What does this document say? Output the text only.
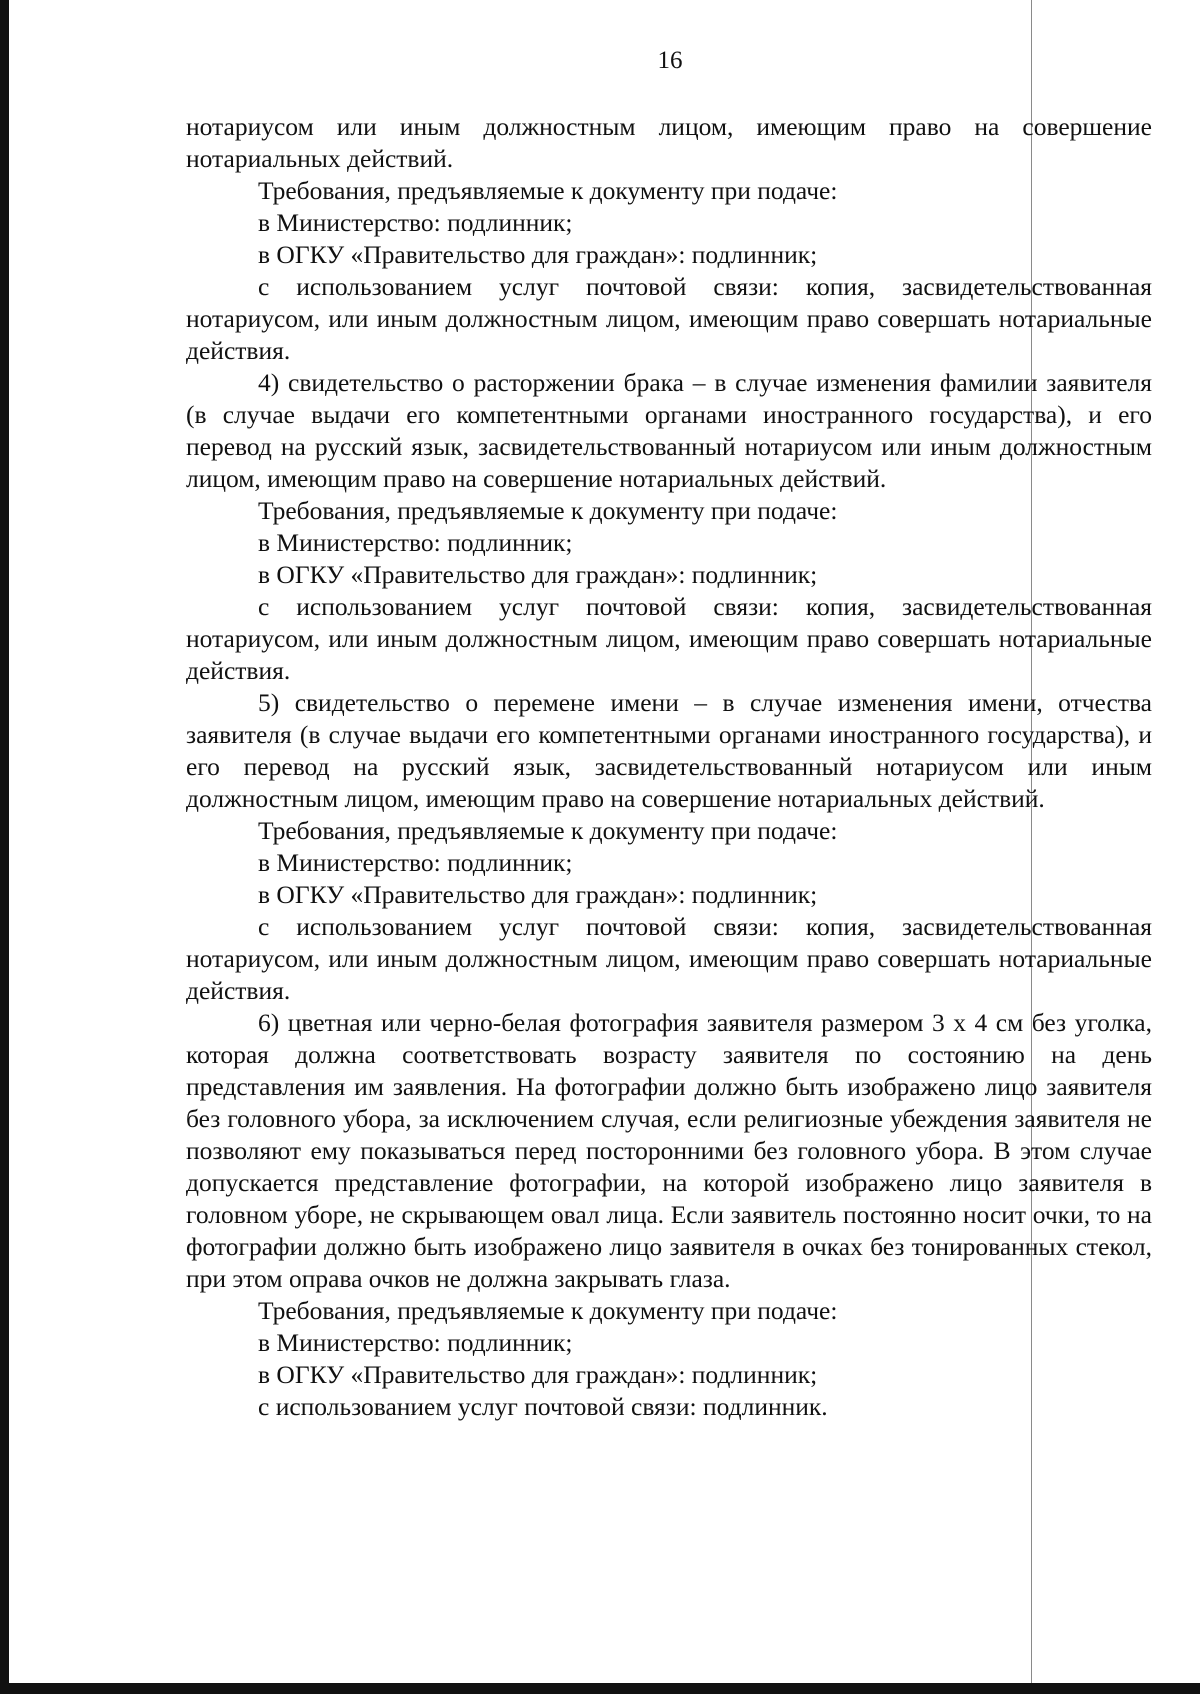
16

нотариусом или иным должностным лицом, имеющим право на совершение нотариальных действий.

Требования, предъявляемые к документу при подаче:

в Министерство: подлинник;

в ОГКУ «Правительство для граждан»: подлинник;

с использованием услуг почтовой связи: копия, засвидетельствованная нотариусом, или иным должностным лицом, имеющим право совершать нотариальные действия.

4) свидетельство о расторжении брака – в случае изменения фамилии заявителя (в случае выдачи его компетентными органами иностранного государства), и его перевод на русский язык, засвидетельствованный нотариусом или иным должностным лицом, имеющим право на совершение нотариальных действий.

Требования, предъявляемые к документу при подаче:

в Министерство: подлинник;

в ОГКУ «Правительство для граждан»: подлинник;

с использованием услуг почтовой связи: копия, засвидетельствованная нотариусом, или иным должностным лицом, имеющим право совершать нотариальные действия.

5) свидетельство о перемене имени – в случае изменения имени, отчества заявителя (в случае выдачи его компетентными органами иностранного государства), и его перевод на русский язык, засвидетельствованный нотариусом или иным должностным лицом, имеющим право на совершение нотариальных действий.

Требования, предъявляемые к документу при подаче:

в Министерство: подлинник;

в ОГКУ «Правительство для граждан»: подлинник;

с использованием услуг почтовой связи: копия, засвидетельствованная нотариусом, или иным должностным лицом, имеющим право совершать нотариальные действия.

6) цветная или черно-белая фотография заявителя размером 3 x 4 см без уголка, которая должна соответствовать возрасту заявителя по состоянию на день представления им заявления. На фотографии должно быть изображено лицо заявителя без головного убора, за исключением случая, если религиозные убеждения заявителя не позволяют ему показываться перед посторонними без головного убора. В этом случае допускается представление фотографии, на которой изображено лицо заявителя в головном уборе, не скрывающем овал лица. Если заявитель постоянно носит очки, то на фотографии должно быть изображено лицо заявителя в очках без тонированных стекол, при этом оправа очков не должна закрывать глаза.

Требования, предъявляемые к документу при подаче:

в Министерство: подлинник;

в ОГКУ «Правительство для граждан»: подлинник;

с использованием услуг почтовой связи: подлинник.
